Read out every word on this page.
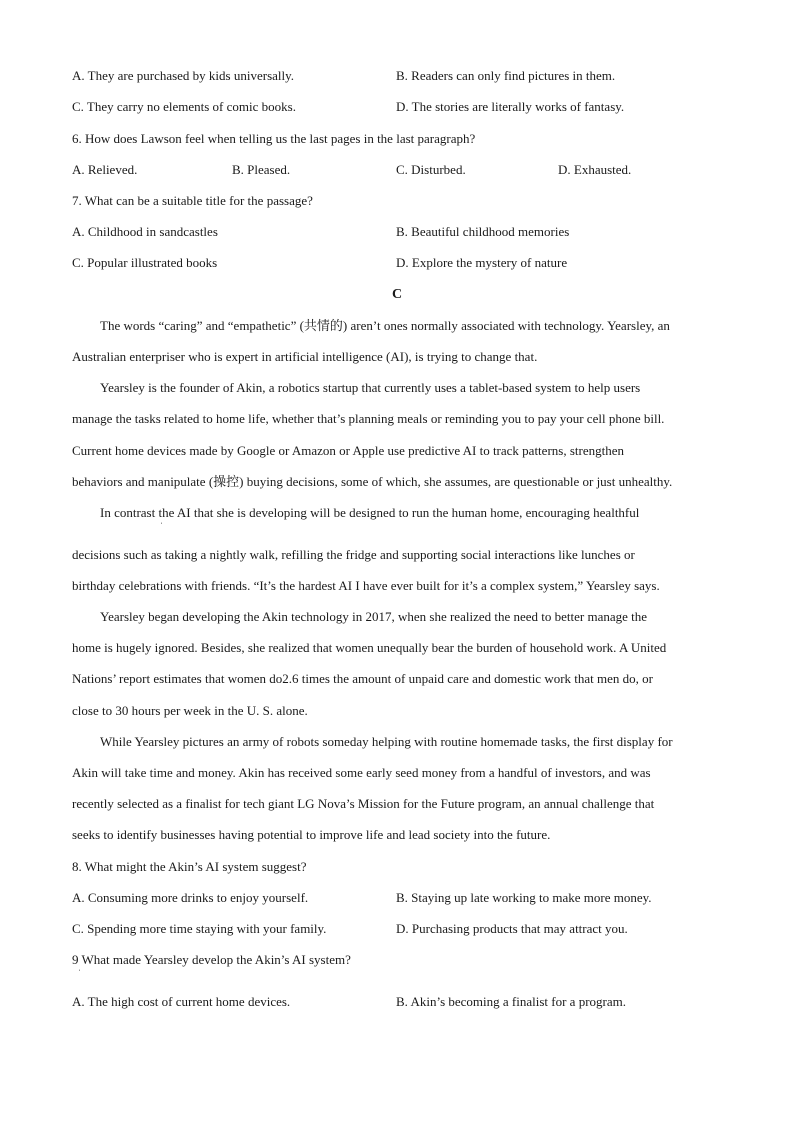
A. They are purchased by kids universally.	B. Readers can only find pictures in them.
C. They carry no elements of comic books.	D. The stories are literally works of fantasy.
6. How does Lawson feel when telling us the last pages in the last paragraph?
A. Relieved.	B. Pleased.	C. Disturbed.	D. Exhausted.
7. What can be a suitable title for the passage?
A. Childhood in sandcastles	B. Beautiful childhood memories
C. Popular illustrated books	D. Explore the mystery of nature
C
The words “caring” and “empathetic” (共情的) aren’t ones normally associated with technology. Yearsley, an
Australian enterpriser who is expert in artificial intelligence (AI), is trying to change that.
Yearsley is the founder of Akin, a robotics startup that currently uses a tablet-based system to help users
manage the tasks related to home life, whether that’s planning meals or reminding you to pay your cell phone bill.
Current home devices made by Google or Amazon or Apple use predictive AI to track patterns, strengthen
behaviors and manipulate (操控) buying decisions, some of which, she assumes, are questionable or just unhealthy.
In contrast the AI that she is developing will be designed to run the human home, encouraging healthful
ˈ
decisions such as taking a nightly walk, refilling the fridge and supporting social interactions like lunches or
birthday celebrations with friends. “It’s the hardest AI I have ever built for it’s a complex system,” Yearsley says.
Yearsley began developing the Akin technology in 2017, when she realized the need to better manage the
home is hugely ignored. Besides, she realized that women unequally bear the burden of household work. A United
Nations’ report estimates that women do2.6 times the amount of unpaid care and domestic work that men do, or
close to 30 hours per week in the U. S. alone.
While Yearsley pictures an army of robots someday helping with routine homemade tasks, the first display for
Akin will take time and money. Akin has received some early seed money from a handful of investors, and was
recently selected as a finalist for tech giant LG Nova’s Mission for the Future program, an annual challenge that
seeks to identify businesses having potential to improve life and lead society into the future.
8. What might the Akin’s AI system suggest?
A. Consuming more drinks to enjoy yourself.	B. Staying up late working to make more money.
C. Spending more time staying with your family.	D. Purchasing products that may attract you.
9 What made Yearsley develop the Akin’s AI system?
ˈ
A. The high cost of current home devices.	B. Akin’s becoming a finalist for a program.
